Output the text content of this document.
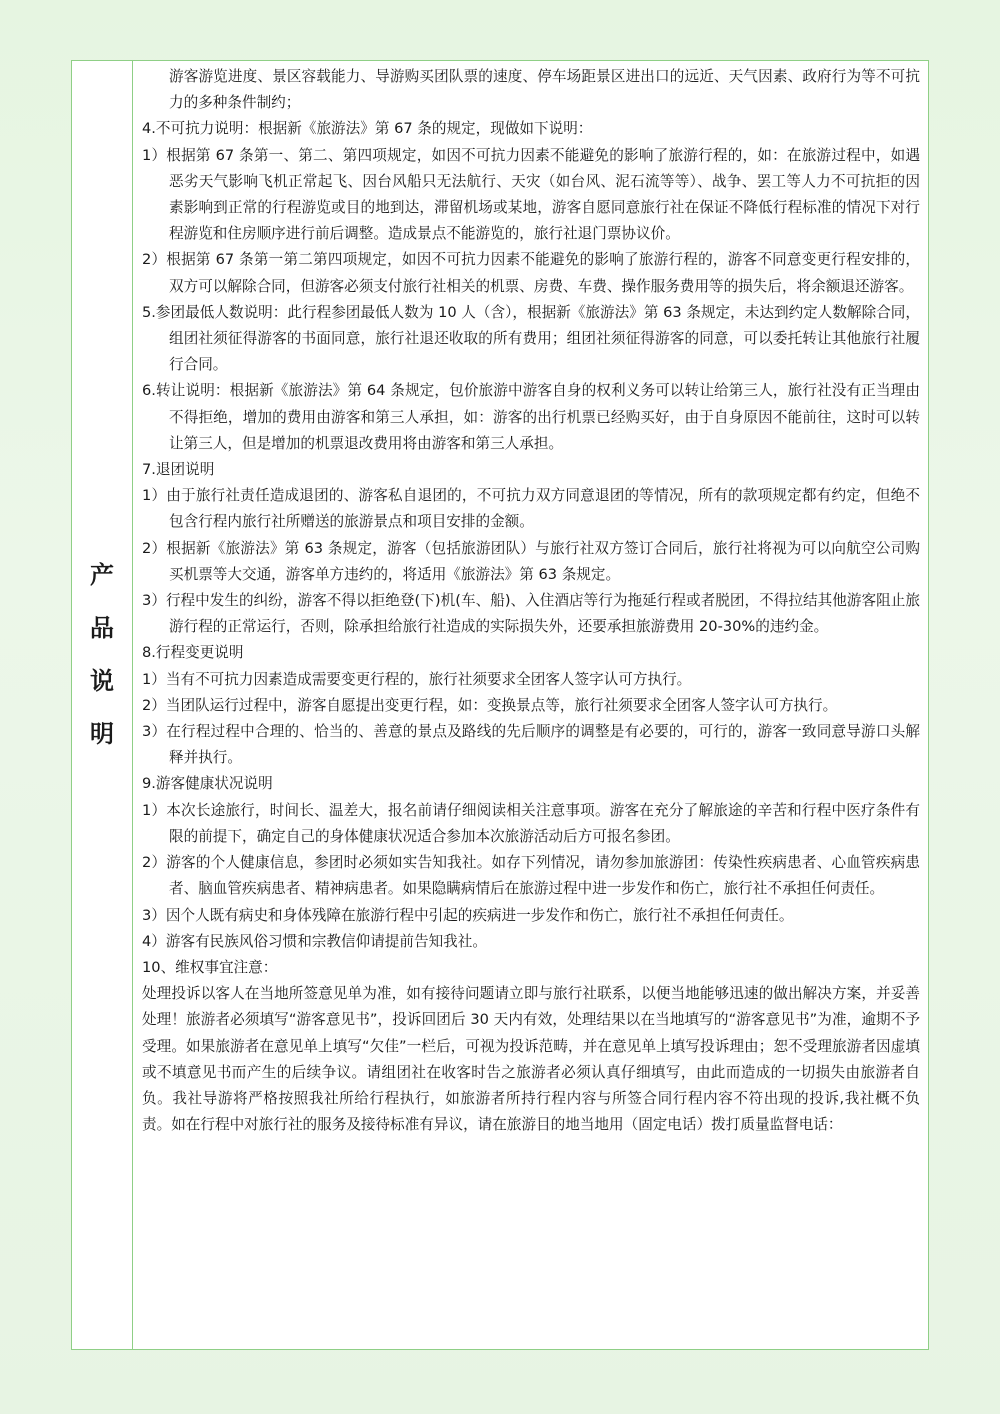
产
品
说
明

游客游览进度、景区容载能力、导游购买团队票的速度、停车场距景区进出口的远近、天气因素、政府行为等不可抗力的多种条件制约；

4.不可抗力说明：根据新《旅游法》第 67 条的规定，现做如下说明：

1）根据第 67 条第一、第二、第四项规定，如因不可抗力因素不能避免的影响了旅游行程的，如：在旅游过程中，如遇恶劣天气影响飞机正常起飞、因台风船只无法航行、天灾（如台风、泥石流等等）、战争、罢工等人力不可抗拒的因素影响到正常的行程游览或目的地到达，滞留机场或某地，游客自愿同意旅行社在保证不降低行程标准的情况下对行程游览和住房顺序进行前后调整。造成景点不能游览的，旅行社退门票协议价。

2）根据第 67 条第一第二第四项规定，如因不可抗力因素不能避免的影响了旅游行程的，游客不同意变更行程安排的，双方可以解除合同，但游客必须支付旅行社相关的机票、房费、车费、操作服务费用等的损失后，将余额退还游客。

5.参团最低人数说明：此行程参团最低人数为 10 人（含），根据新《旅游法》第 63 条规定，未达到约定人数解除合同，组团社须征得游客的书面同意，旅行社退还收取的所有费用；组团社须征得游客的同意，可以委托转让其他旅行社履行合同。

6.转让说明：根据新《旅游法》第 64 条规定，包价旅游中游客自身的权利义务可以转让给第三人，旅行社没有正当理由不得拒绝，增加的费用由游客和第三人承担，如：游客的出行机票已经购买好，由于自身原因不能前往，这时可以转让第三人，但是增加的机票退改费用将由游客和第三人承担。

7.退团说明

1）由于旅行社责任造成退团的、游客私自退团的，不可抗力双方同意退团的等情况，所有的款项规定都有约定，但绝不包含行程内旅行社所赠送的旅游景点和项目安排的金额。

2）根据新《旅游法》第 63 条规定，游客（包括旅游团队）与旅行社双方签订合同后，旅行社将视为可以向航空公司购买机票等大交通，游客单方违约的，将适用《旅游法》第 63 条规定。

3）行程中发生的纠纷，游客不得以拒绝登(下)机(车、船)、入住酒店等行为拖延行程或者脱团，不得拉结其他游客阻止旅游行程的正常运行，否则，除承担给旅行社造成的实际损失外，还要承担旅游费用 20-30%的违约金。

8.行程变更说明

1）当有不可抗力因素造成需要变更行程的，旅行社须要求全团客人签字认可方执行。

2）当团队运行过程中，游客自愿提出变更行程，如：变换景点等，旅行社须要求全团客人签字认可方执行。

3）在行程过程中合理的、恰当的、善意的景点及路线的先后顺序的调整是有必要的，可行的，游客一致同意导游口头解释并执行。

9.游客健康状况说明

1）本次长途旅行，时间长、温差大，报名前请仔细阅读相关注意事项。游客在充分了解旅途的辛苦和行程中医疗条件有限的前提下，确定自己的身体健康状况适合参加本次旅游活动后方可报名参团。

2）游客的个人健康信息，参团时必须如实告知我社。如存下列情况，请勿参加旅游团：传染性疾病患者、心血管疾病患者、脑血管疾病患者、精神病患者。如果隐瞒病情后在旅游过程中进一步发作和伤亡，旅行社不承担任何责任。

3）因个人既有病史和身体残障在旅游行程中引起的疾病进一步发作和伤亡，旅行社不承担任何责任。

4）游客有民族风俗习惯和宗教信仰请提前告知我社。

10、维权事宜注意：

处理投诉以客人在当地所签意见单为准，如有接待问题请立即与旅行社联系，以便当地能够迅速的做出解决方案，并妥善处理！旅游者必须填写“游客意见书”，投诉回团后 30 天内有效，处理结果以在当地填写的“游客意见书”为准，逾期不予受理。如果旅游者在意见单上填写“欠佳”一栏后，可视为投诉范畴，并在意见单上填写投诉理由；恕不受理旅游者因虚填或不填意见书而产生的后续争议。请组团社在收客时告之旅游者必须认真仔细填写，由此而造成的一切损失由旅游者自负。我社导游将严格按照我社所给行程执行，如旅游者所持行程内容与所签合同行程内容不符出现的投诉,我社概不负责。如在行程中对旅行社的服务及接待标准有异议，请在旅游目的地当地用（固定电话）拨打质量监督电话：
